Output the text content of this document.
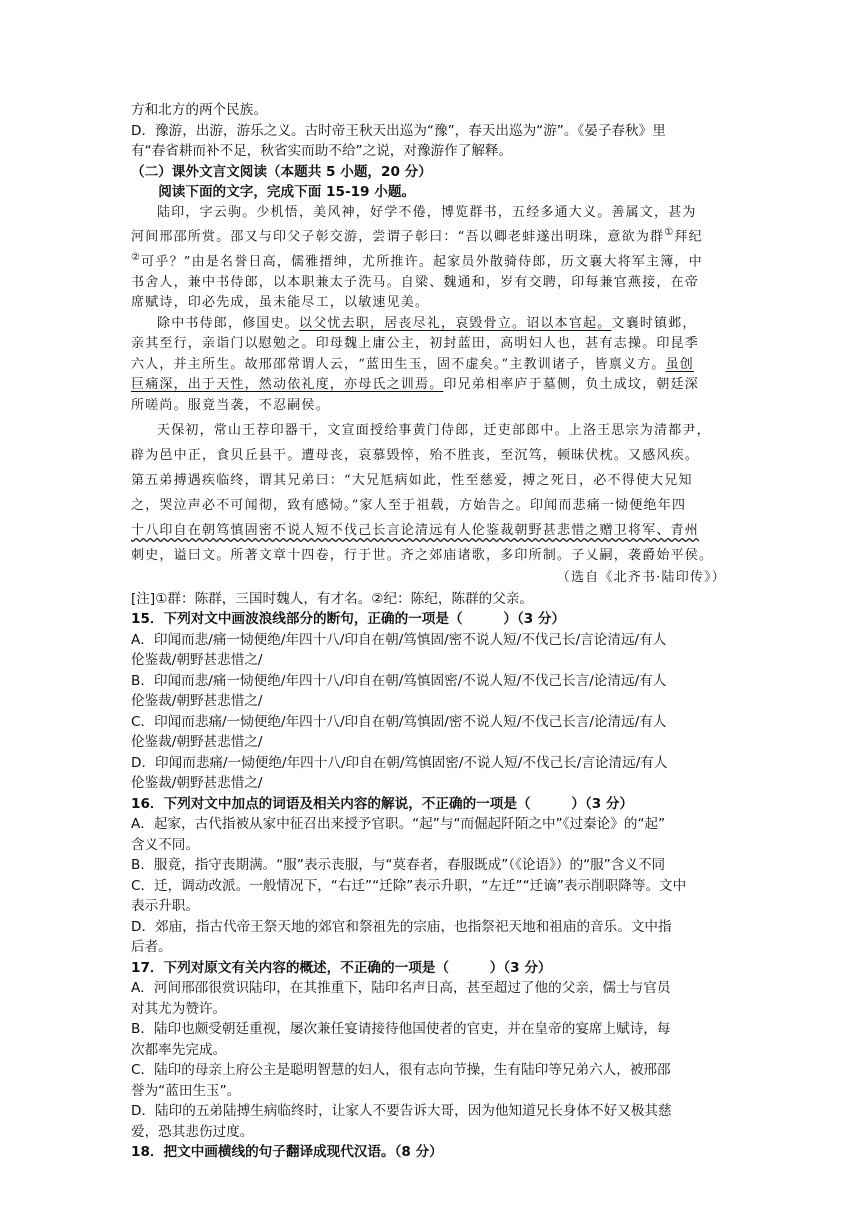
方和北方的两个民族。
D．豫游，出游，游乐之义。古时帝王秋天出巡为“豫”，春天出巡为“游”。《晏子春秋》里
有“春省耕而补不足，秋省实而助不给”之说，对豫游作了解释。
（二）课外文言文阅读（本题共 5 小题，20 分）
阅读下面的文字，完成下面 15-19 小题。
陆印，字云驹。少机悟，美风神，好学不倦，博览群书，五经多通大义。善属文，甚为
河间邢邵所赏。邵又与印父子彰交游，尝谓子彰曰：“吾以卿老蚌遂出明珠，意欲为群①拜纪
②可乎？”由是名誉日高，儒雅搢绅，尤所推许。起家员外散骑侍郎，历文襄大将军主簿，中
书舍人，兼中书侍郎，以本职兼太子洗马。自梁、魏通和，岁有交聘，印每兼官燕接，在帝
席赋诗，印必先成，虽未能尽工，以敏速见美。
除中书侍郎，修国史。以父忧去职，居丧尽礼，哀毁骨立。诏以本官起。文襄时镇邺，
亲其至行，亲诣门以慰勉之。印母魏上庸公主，初封蓝田，高明妇人也，甚有志操。印昆季
六人，并主所生。故邢邵常谓人云，“蓝田生玉，固不虚矣。”主教训诸子，皆禀义方。虽创
巨痛深，出于天性，然动依礼度，亦母氏之训焉。印兄弟相率庐于墓侧，负土成坟，朝廷深
所嗟尚。服竟当袭，不忍嗣侯。
天保初，常山王荐印器干，文宣面授给事黄门侍郎，迁吏部郎中。上洛王思宗为清都尹，
辟为邑中正，食贝丘县干。遭母丧，哀慕毁悴，殆不胜丧，至沉笃，顿昧伏枕。又感风疾。
第五弟搏遇疾临终，谓其兄弟曰：“大兄尪病如此，性至慈爱，搏之死日，必不得使大兄知
之，哭泣声必不可闻彻，致有感恸。”家人至于祖载，方始告之。印闻而悲痛一恸便绝年四
十八印自在朝笃慎固密不说人短不伐己长言论清远有人伦鉴裁朝野甚悲惜之赠卫将军、青州
刺史，谥曰文。所著文章十四卷，行于世。齐之郊庙诸歌，多印所制。子乂嗣，袭爵始平侯。
（选自《北齐书·陆印传》）
[注]①群：陈群，三国时魏人，有才名。②纪：陈纪，陈群的父亲。
15．下列对文中画波浪线部分的断句，正确的一项是（　　　）（3 分）
A．印闻而悲/痛一恸便绝/年四十八/印自在朝/笃慎固/密不说人短/不伐己长/言论清远/有人
伦鉴裁/朝野甚悲惜之/
B．印闻而悲/痛一恸便绝/年四十八/印自在朝/笃慎固密/不说人短/不伐己长言/论清远/有人
伦鉴裁/朝野甚悲惜之/
C．印闻而悲痛/一恸便绝/年四十八/印自在朝/笃慎固/密不说人短/不伐己长言/论清远/有人
伦鉴裁/朝野甚悲惜之/
D．印闻而悲痛/一恸便绝/年四十八/印自在朝/笃慎固密/不说人短/不伐己长/言论清远/有人
伦鉴裁/朝野甚悲惜之/
16．下列对文中加点的词语及相关内容的解说，不正确的一项是（　　　）（3 分）
A．起家，古代指被从家中征召出来授予官职。“起”与“而倔起阡陌之中”《过秦论》的“起”
含义不同。
B．服竟，指守丧期满。“服”表示丧服，与“莫春者，春服既成”（《论语》）的“服”含义不同
C．迁，调动改派。一般情况下，“右迁”“迁除”表示升职，“左迁”“迁谪”表示削职降等。文中
表示升职。
D．郊庙，指古代帝王祭天地的郊官和祭祖先的宗庙，也指祭祀天地和祖庙的音乐。文中指
后者。
17．下列对原文有关内容的概述，不正确的一项是（　　　）（3 分）
A．河间邢邵很赏识陆印，在其推重下，陆印名声日高，甚至超过了他的父亲，儒士与官员
对其尤为赞许。
B．陆印也颇受朝廷重视，屡次兼任宴请接待他国使者的官吏，并在皇帝的宴席上赋诗，每
次都率先完成。
C．陆印的母亲上府公主是聪明智慧的妇人，很有志向节操，生有陆印等兄弟六人，被邢邵
誉为“蓝田生玉”。
D．陆印的五弟陆搏生病临终时，让家人不要告诉大哥，因为他知道兄长身体不好又极其慈
爱，恐其悲伤过度。
18．把文中画横线的句子翻译成现代汉语。（8 分）
